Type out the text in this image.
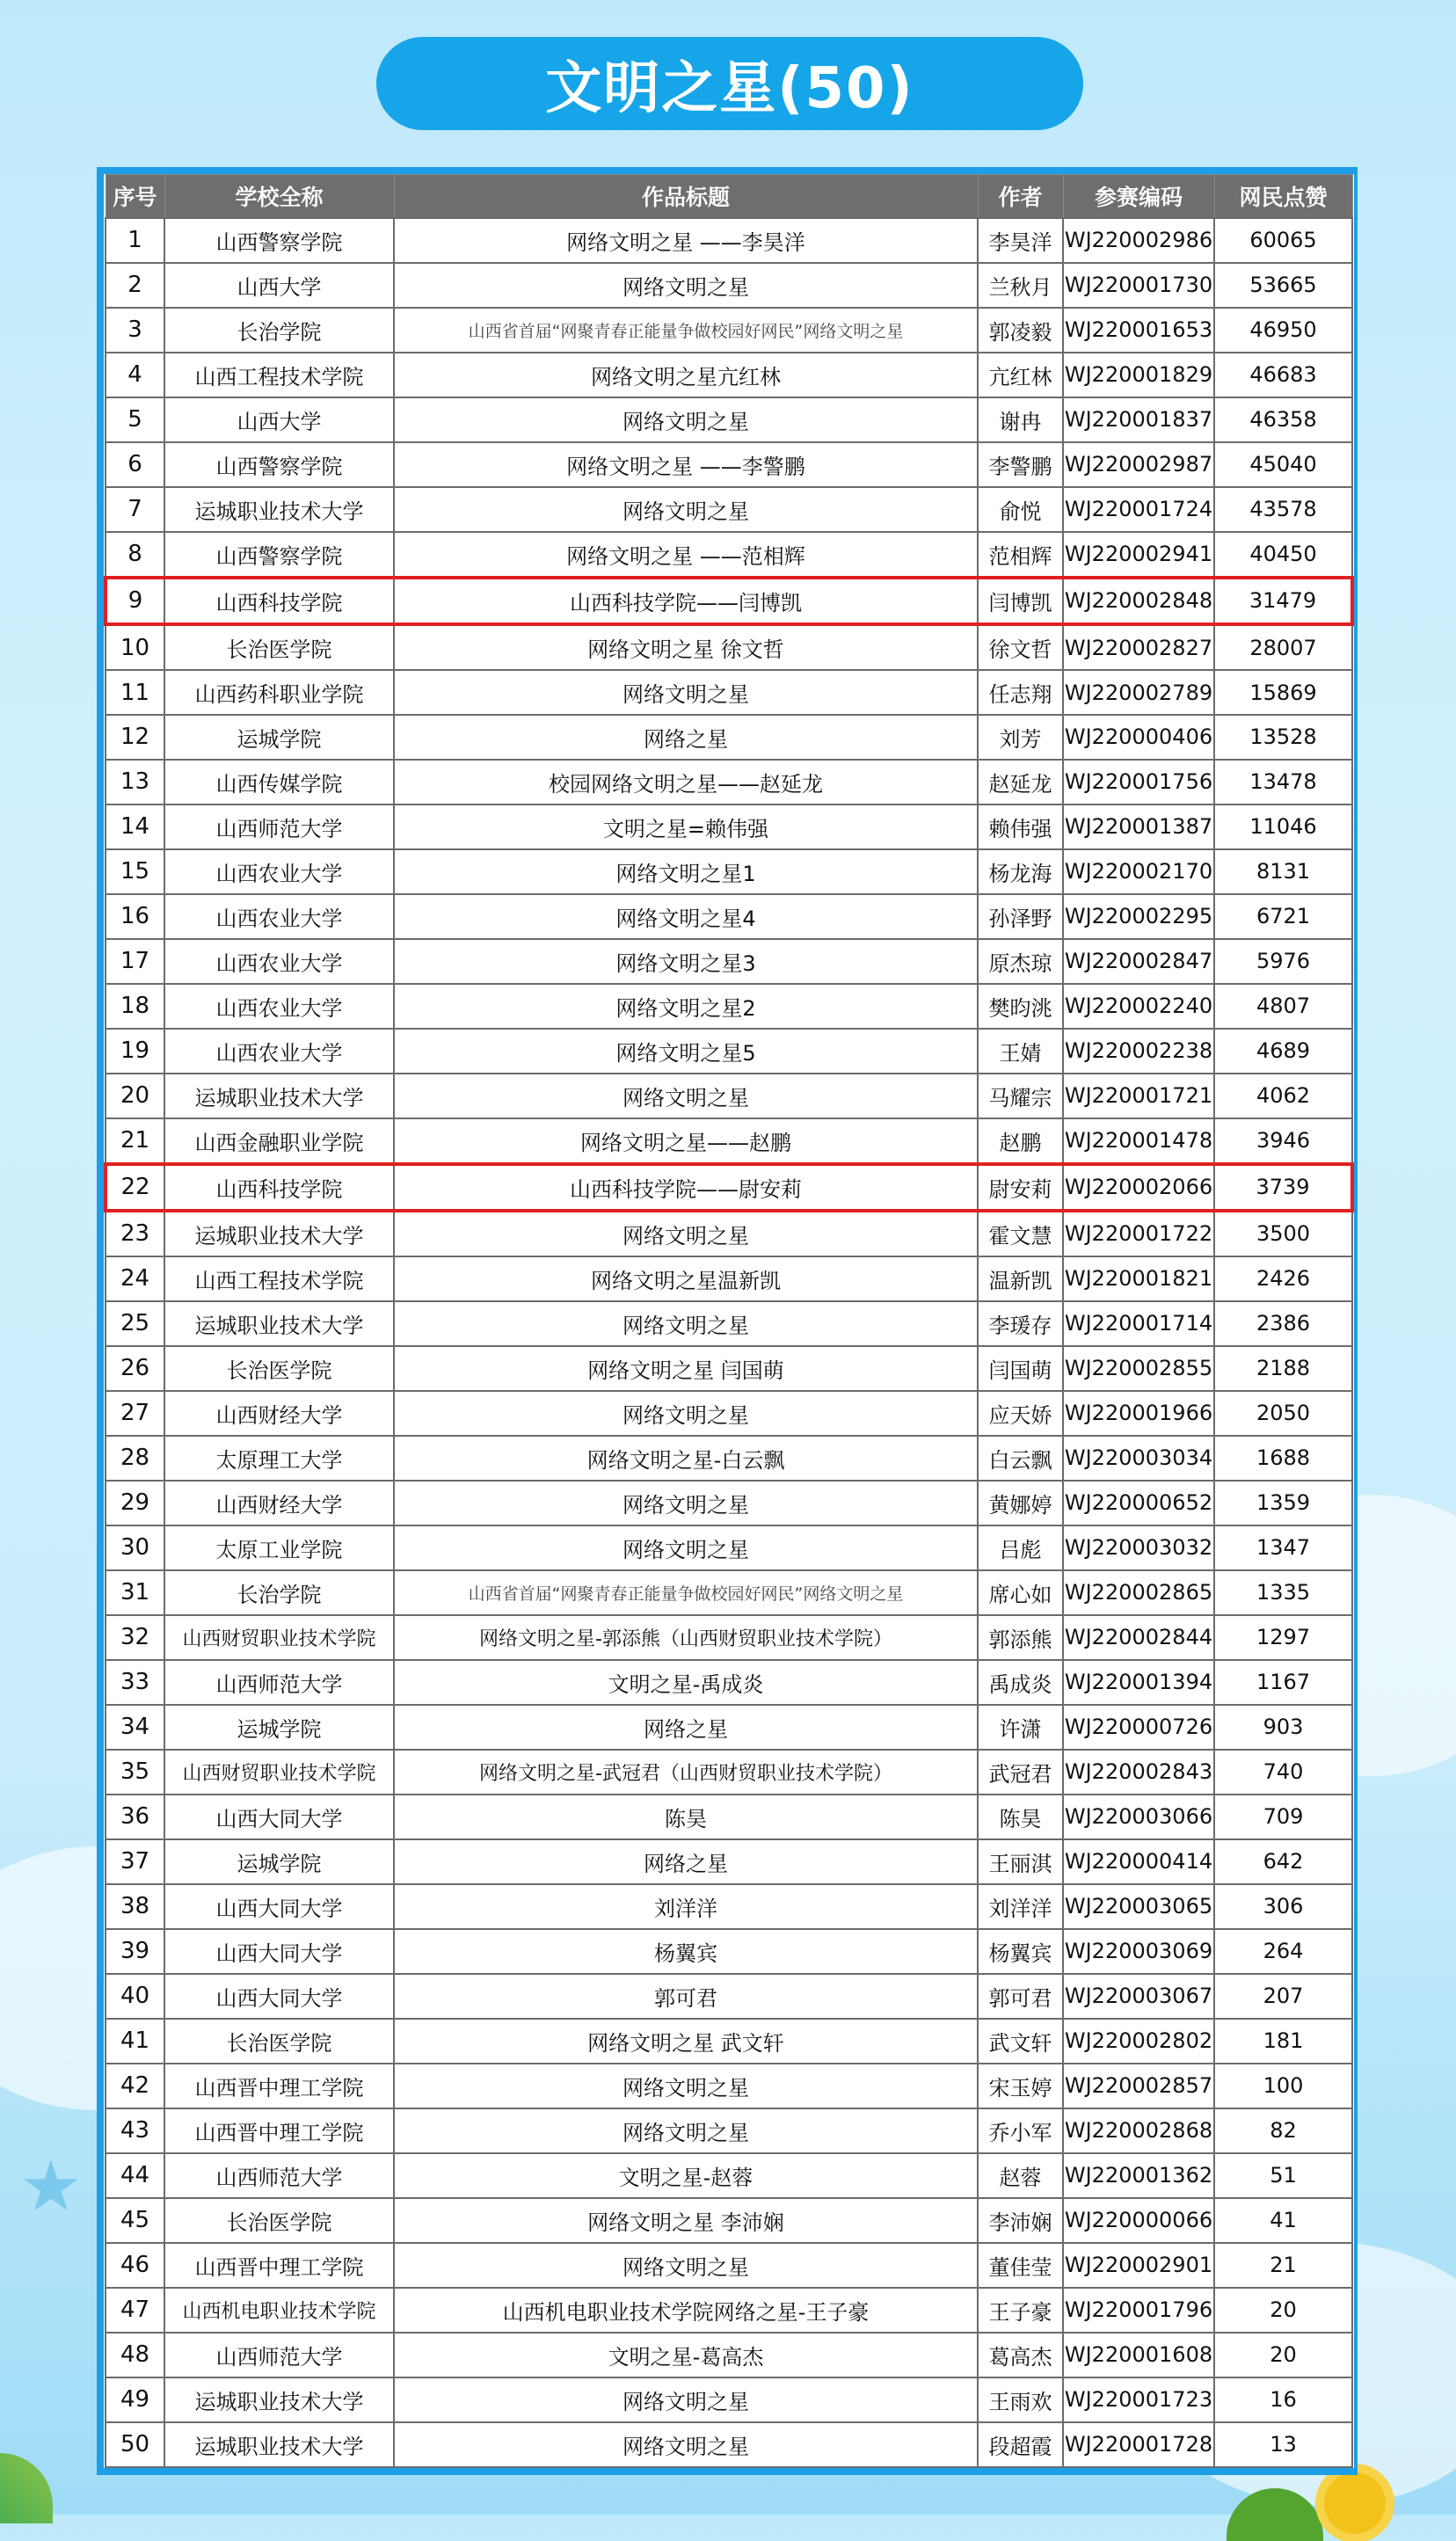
★
文明之星(50)
序号	学校全称	作品标题	作者	参赛编码	网民点赞
1	山西警察学院	网络文明之星 ——李昊洋	李昊洋	WJ220002986	60065
2	山西大学	网络文明之星	兰秋月	WJ220001730	53665
3	长治学院	山西省首届“网聚青春正能量争做校园好网民”网络文明之星	郭凌毅	WJ220001653	46950
4	山西工程技术学院	网络文明之星亢红林	亢红林	WJ220001829	46683
5	山西大学	网络文明之星	谢冉	WJ220001837	46358
6	山西警察学院	网络文明之星 ——李警鹏	李警鹏	WJ220002987	45040
7	运城职业技术大学	网络文明之星	俞悦	WJ220001724	43578
8	山西警察学院	网络文明之星 ——范相辉	范相辉	WJ220002941	40450
9	山西科技学院	山西科技学院——闫博凯	闫博凯	WJ220002848	31479
10	长治医学院	网络文明之星 徐文哲	徐文哲	WJ220002827	28007
11	山西药科职业学院	网络文明之星	任志翔	WJ220002789	15869
12	运城学院	网络之星	刘芳	WJ220000406	13528
13	山西传媒学院	校园网络文明之星——赵延龙	赵延龙	WJ220001756	13478
14	山西师范大学	文明之星=赖伟强	赖伟强	WJ220001387	11046
15	山西农业大学	网络文明之星1	杨龙海	WJ220002170	8131
16	山西农业大学	网络文明之星4	孙泽野	WJ220002295	6721
17	山西农业大学	网络文明之星3	原杰琼	WJ220002847	5976
18	山西农业大学	网络文明之星2	樊昀洮	WJ220002240	4807
19	山西农业大学	网络文明之星5	王婧	WJ220002238	4689
20	运城职业技术大学	网络文明之星	马耀宗	WJ220001721	4062
21	山西金融职业学院	网络文明之星——赵鹏	赵鹏	WJ220001478	3946
22	山西科技学院	山西科技学院——尉安莉	尉安莉	WJ220002066	3739
23	运城职业技术大学	网络文明之星	霍文慧	WJ220001722	3500
24	山西工程技术学院	网络文明之星温新凯	温新凯	WJ220001821	2426
25	运城职业技术大学	网络文明之星	李瑗存	WJ220001714	2386
26	长治医学院	网络文明之星 闫国萌	闫国萌	WJ220002855	2188
27	山西财经大学	网络文明之星	应天娇	WJ220001966	2050
28	太原理工大学	网络文明之星-白云飘	白云飘	WJ220003034	1688
29	山西财经大学	网络文明之星	黄娜婷	WJ220000652	1359
30	太原工业学院	网络文明之星	吕彪	WJ220003032	1347
31	长治学院	山西省首届“网聚青春正能量争做校园好网民”网络文明之星	席心如	WJ220002865	1335
32	山西财贸职业技术学院	网络文明之星-郭添熊（山西财贸职业技术学院）	郭添熊	WJ220002844	1297
33	山西师范大学	文明之星-禹成炎	禹成炎	WJ220001394	1167
34	运城学院	网络之星	许潇	WJ220000726	903
35	山西财贸职业技术学院	网络文明之星-武冠君（山西财贸职业技术学院）	武冠君	WJ220002843	740
36	山西大同大学	陈昊	陈昊	WJ220003066	709
37	运城学院	网络之星	王丽淇	WJ220000414	642
38	山西大同大学	刘洋洋	刘洋洋	WJ220003065	306
39	山西大同大学	杨翼宾	杨翼宾	WJ220003069	264
40	山西大同大学	郭可君	郭可君	WJ220003067	207
41	长治医学院	网络文明之星 武文轩	武文轩	WJ220002802	181
42	山西晋中理工学院	网络文明之星	宋玉婷	WJ220002857	100
43	山西晋中理工学院	网络文明之星	乔小军	WJ220002868	82
44	山西师范大学	文明之星-赵蓉	赵蓉	WJ220001362	51
45	长治医学院	网络文明之星 李沛娴	李沛娴	WJ220000066	41
46	山西晋中理工学院	网络文明之星	董佳莹	WJ220002901	21
47	山西机电职业技术学院	山西机电职业技术学院网络之星-王子豪	王子豪	WJ220001796	20
48	山西师范大学	文明之星-葛高杰	葛高杰	WJ220001608	20
49	运城职业技术大学	网络文明之星	王雨欢	WJ220001723	16
50	运城职业技术大学	网络文明之星	段超霞	WJ220001728	13
